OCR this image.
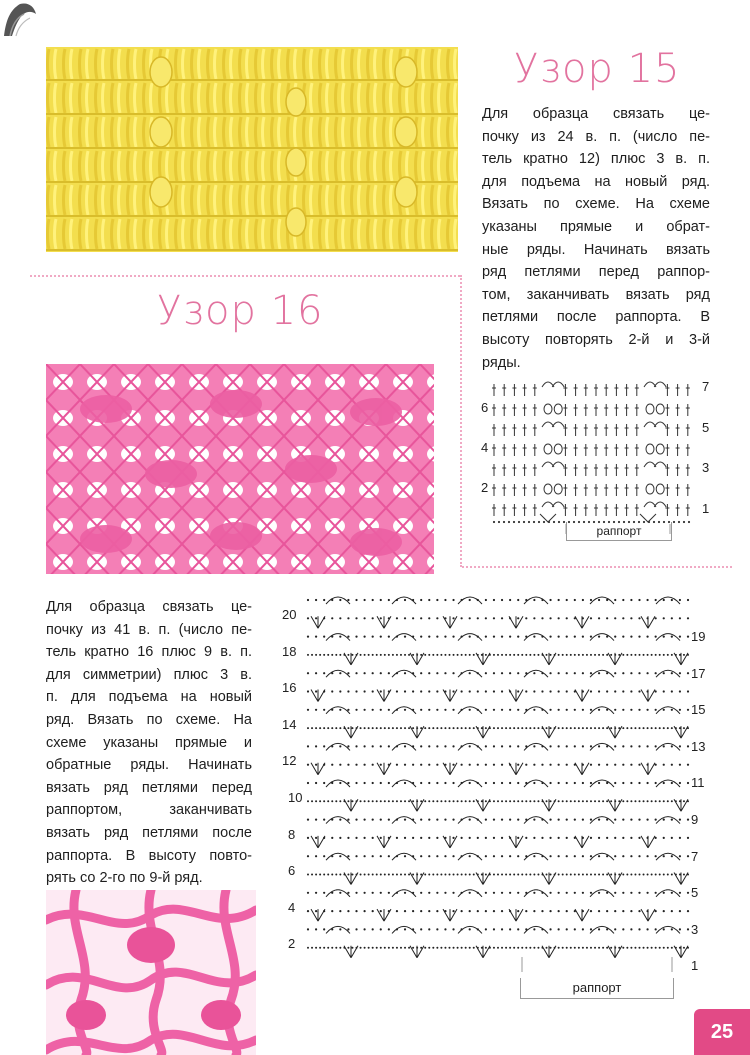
Узор 15
Для образца связать це-
почку из 24 в. п. (число пе-
тель кратно 12) плюс 3 в. п.
для подъема на новый ряд.
Вязать по схеме. На схеме
указаны прямые и обрат-
ные ряды. Начинать вязать
ряд петлями перед раппор-
том, заканчивать вязать ряд
петлями после раппорта. В
высоту повторять 2-й и 3-й
ряды.
6
4
2
7
5
3
1
раппорт
Узор 16
Для образца связать це-
почку из 41 в. п. (число пе-
тель кратно 16 плюс 9 в. п.
для симметрии) плюс 3 в.
п. для подъема на новый
ряд. Вязать по схеме. На
схеме указаны прямые и
обратные ряды. Начинать
вязать ряд петлями перед
раппортом, заканчивать
вязать ряд петлями после
раппорта. В высоту повто-
рять со 2-го по 9-й ряд.
20
18
16
14
12
10
8
6
4
2
19
17
15
13
11
9
7
5
3
1
раппорт
25
